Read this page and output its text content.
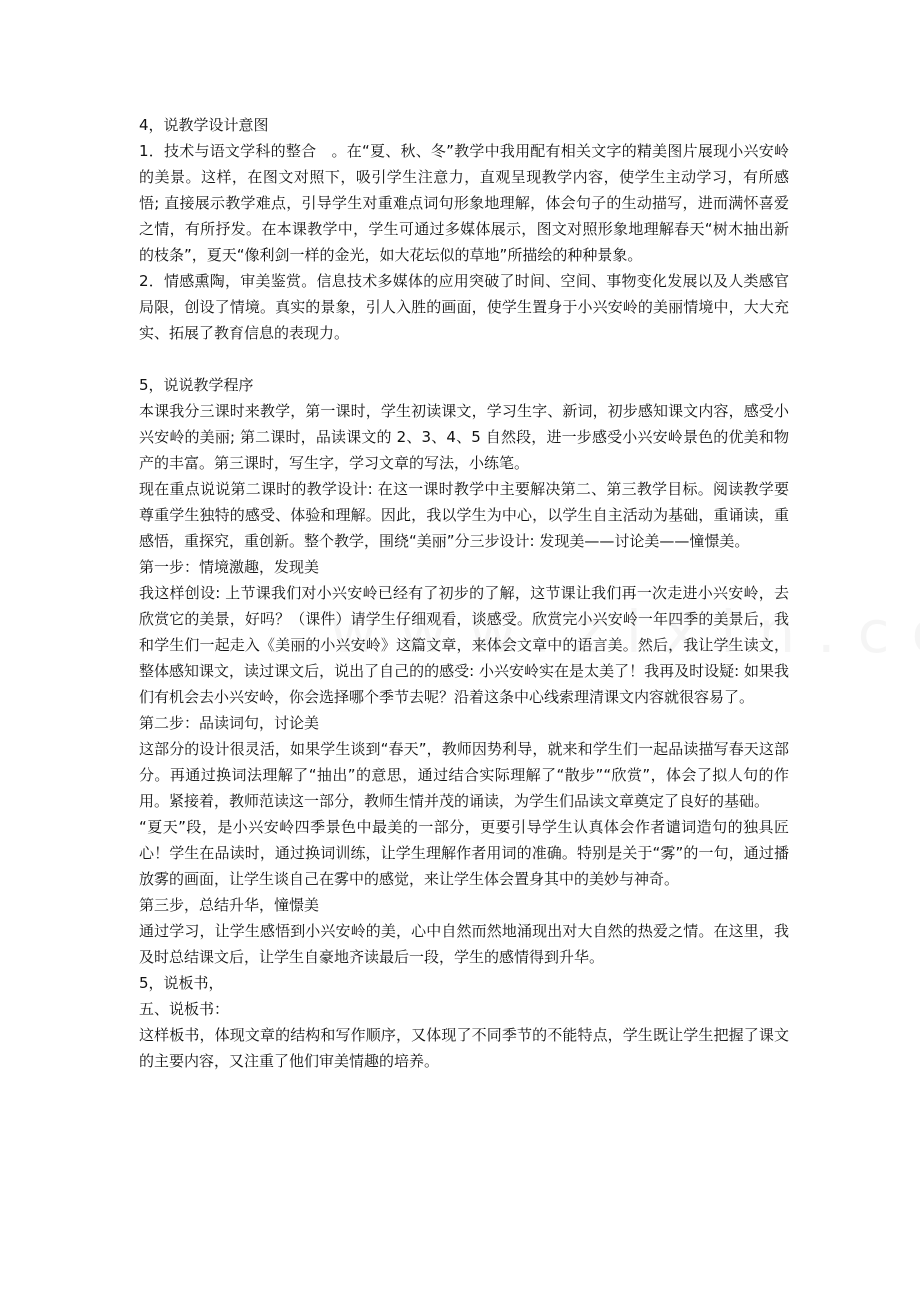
4，说教学设计意图

1．技术与语文学科的整合　。在“夏、秋、冬”教学中我用配有相关文字的精美图片展现小兴安岭的美景。这样，在图文对照下，吸引学生注意力，直观呈现教学内容，使学生主动学习，有所感悟; 直接展示教学难点，引导学生对重难点词句形象地理解，体会句子的生动描写，进而满怀喜爱之情，有所抒发。在本课教学中，学生可通过多媒体展示，图文对照形象地理解春天“树木抽出新的枝条”，夏天“像利剑一样的金光，如大花坛似的草地”所描绘的种种景象。

2．情感熏陶，审美鉴赏。信息技术多媒体的应用突破了时间、空间、事物变化发展以及人类感官局限，创设了情境。真实的景象，引人入胜的画面，使学生置身于小兴安岭的美丽情境中，大大充实、拓展了教育信息的表现力。

5，说说教学程序

本课我分三课时来教学，第一课时，学生初读课文，学习生字、新词，初步感知课文内容，感受小兴安岭的美丽; 第二课时，品读课文的 2、3、4、5 自然段，进一步感受小兴安岭景色的优美和物产的丰富。第三课时，写生字，学习文章的写法，小练笔。

现在重点说说第二课时的教学设计: 在这一课时教学中主要解决第二、第三教学目标。阅读教学要尊重学生独特的感受、体验和理解。因此，我以学生为中心，以学生自主活动为基础，重诵读，重感悟，重探究，重创新。整个教学，围绕“美丽”分三步设计: 发现美——讨论美——憧憬美。

第一步：情境激趣，发现美

我这样创设: 上节课我们对小兴安岭已经有了初步的了解，这节课让我们再一次走进小兴安岭，去欣赏它的美景，好吗？（课件）请学生仔细观看，谈感受。欣赏完小兴安岭一年四季的美景后，我和学生们一起走入《美丽的小兴安岭》这篇文章，来体会文章中的语言美。然后，我让学生读文，整体感知课文，读过课文后，说出了自己的的感受: 小兴安岭实在是太美了！我再及时设疑: 如果我们有机会去小兴安岭，你会选择哪个季节去呢？沿着这条中心线索理清课文内容就很容易了。

第二步：品读词句，讨论美

这部分的设计很灵活，如果学生谈到“春天”，教师因势利导，就来和学生们一起品读描写春天这部分。再通过换词法理解了“抽出”的意思，通过结合实际理解了“散步”“欣赏”，体会了拟人句的作用。紧接着，教师范读这一部分，教师生情并茂的诵读，为学生们品读文章奠定了良好的基础。

“夏天”段，是小兴安岭四季景色中最美的一部分，更要引导学生认真体会作者谴词造句的独具匠心！学生在品读时，通过换词训练，让学生理解作者用词的准确。特别是关于“雾”的一句，通过播放雾的画面，让学生谈自己在雾中的感觉，来让学生体会置身其中的美妙与神奇。

第三步，总结升华，憧憬美

通过学习，让学生感悟到小兴安岭的美，心中自然而然地涌现出对大自然的热爱之情。在这里，我及时总结课文后，让学生自豪地齐读最后一段，学生的感情得到升华。

5，说板书，

五、说板书：

这样板书，体现文章的结构和写作顺序，又体现了不同季节的不能特点，学生既让学生把握了课文的主要内容，又注重了他们审美情趣的培养。
